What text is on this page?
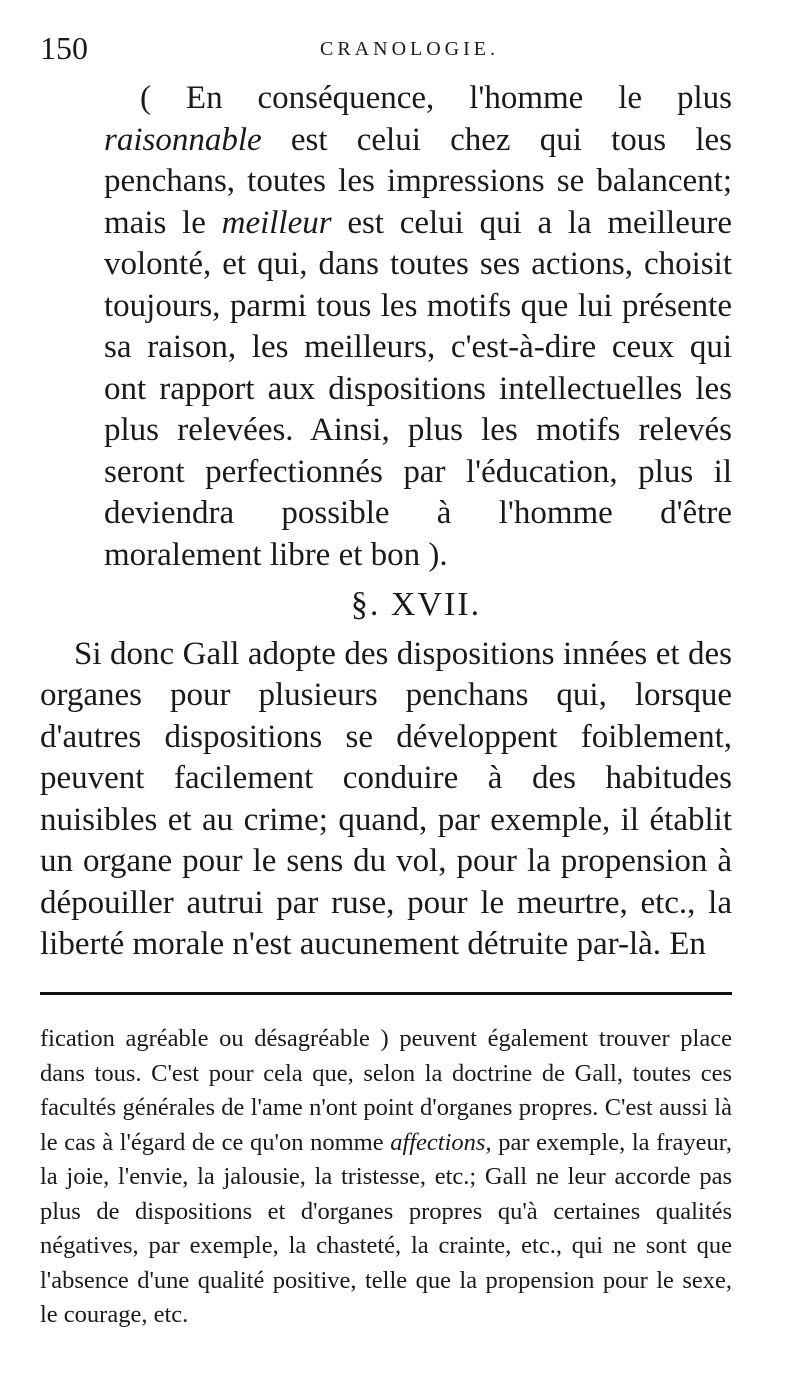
150	CRANOLOGIE.

( En conséquence, l'homme le plus raisonnable est celui chez qui tous les penchans, toutes les impressions se balancent; mais le meilleur est celui qui a la meilleure volonté, et qui, dans toutes ses actions, choisit toujours, parmi tous les motifs que lui présente sa raison, les meilleurs, c'est-à-dire ceux qui ont rapport aux dispositions intellectuelles les plus relevées. Ainsi, plus les motifs relevés seront perfectionnés par l'éducation, plus il deviendra possible à l'homme d'être moralement libre et bon ).

§. XVII.

Si donc Gall adopte des dispositions innées et des organes pour plusieurs penchans qui, lorsque d'autres dispositions se développent foiblement, peuvent facilement conduire à des habitudes nuisibles et au crime; quand, par exemple, il établit un organe pour le sens du vol, pour la propension à dépouiller autrui par ruse, pour le meurtre, etc., la liberté morale n'est aucunement détruite par-là. En

fication agréable ou désagréable ) peuvent également trouver place dans tous. C'est pour cela que, selon la doctrine de Gall, toutes ces facultés générales de l'ame n'ont point d'organes propres. C'est aussi là le cas à l'égard de ce qu'on nomme affections, par exemple, la frayeur, la joie, l'envie, la jalousie, la tristesse, etc.; Gall ne leur accorde pas plus de dispositions et d'organes propres qu'à certaines qualités négatives, par exemple, la chasteté, la crainte, etc., qui ne sont que l'absence d'une qualité positive, telle que la propension pour le sexe, le courage, etc.
